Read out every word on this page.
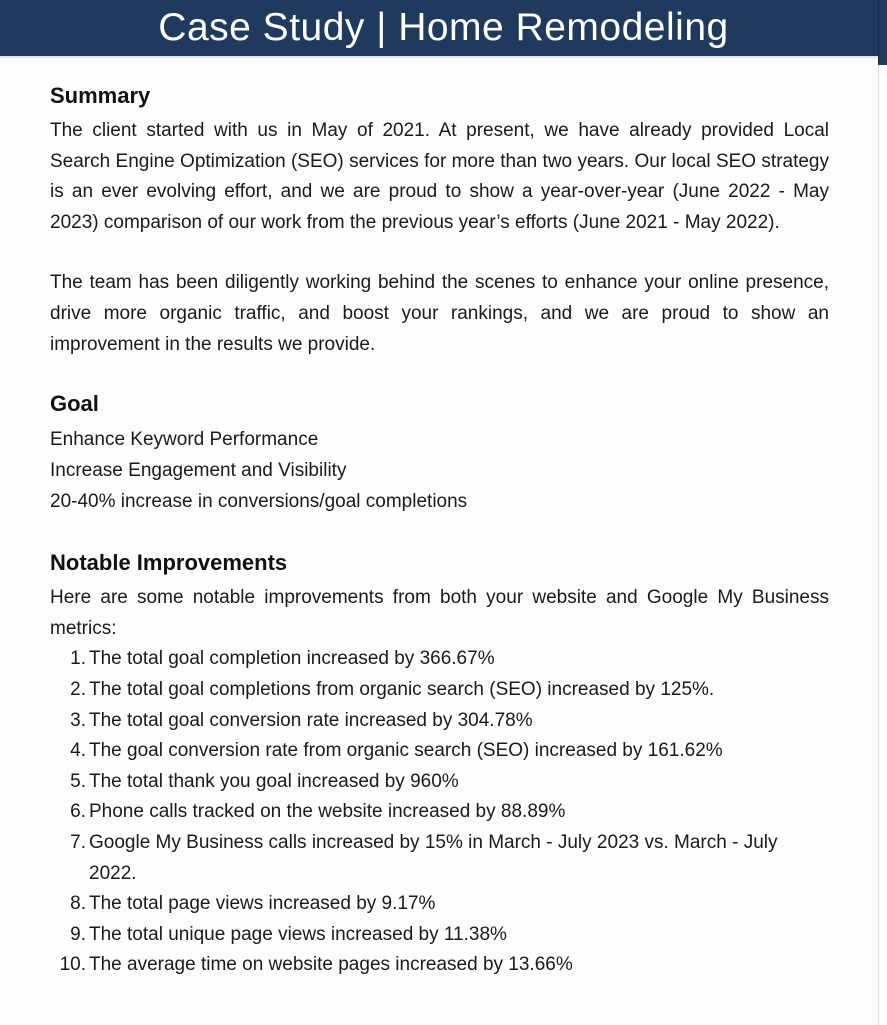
Case Study | Home Remodeling
Summary

The client started with us in May of 2021. At present, we have already provided Local Search Engine Optimization (SEO) services for more than two years. Our local SEO strategy is an ever evolving effort, and we are proud to show a year-over-year (June 2022 - May 2023) comparison of our work from the previous year’s efforts (June 2021 - May 2022).

The team has been diligently working behind the scenes to enhance your online presence, drive more organic traffic, and boost your rankings, and we are proud to show an improvement in the results we provide.

Goal

Enhance Keyword Performance

Increase Engagement and Visibility

20-40% increase in conversions/goal completions

Notable Improvements

Here are some notable improvements from both your website and Google My Business metrics:

1. The total goal completion increased by 366.67%
2. The total goal completions from organic search (SEO) increased by 125%.
3. The total goal conversion rate increased by 304.78%
4. The goal conversion rate from organic search (SEO) increased by 161.62%
5. The total thank you goal increased by 960%
6. Phone calls tracked on the website increased by 88.89%
7. Google My Business calls increased by 15% in March - July 2023 vs. March - July 2022.
8. The total page views increased by 9.17%
9. The total unique page views increased by 11.38%
10. The average time on website pages increased by 13.66%
